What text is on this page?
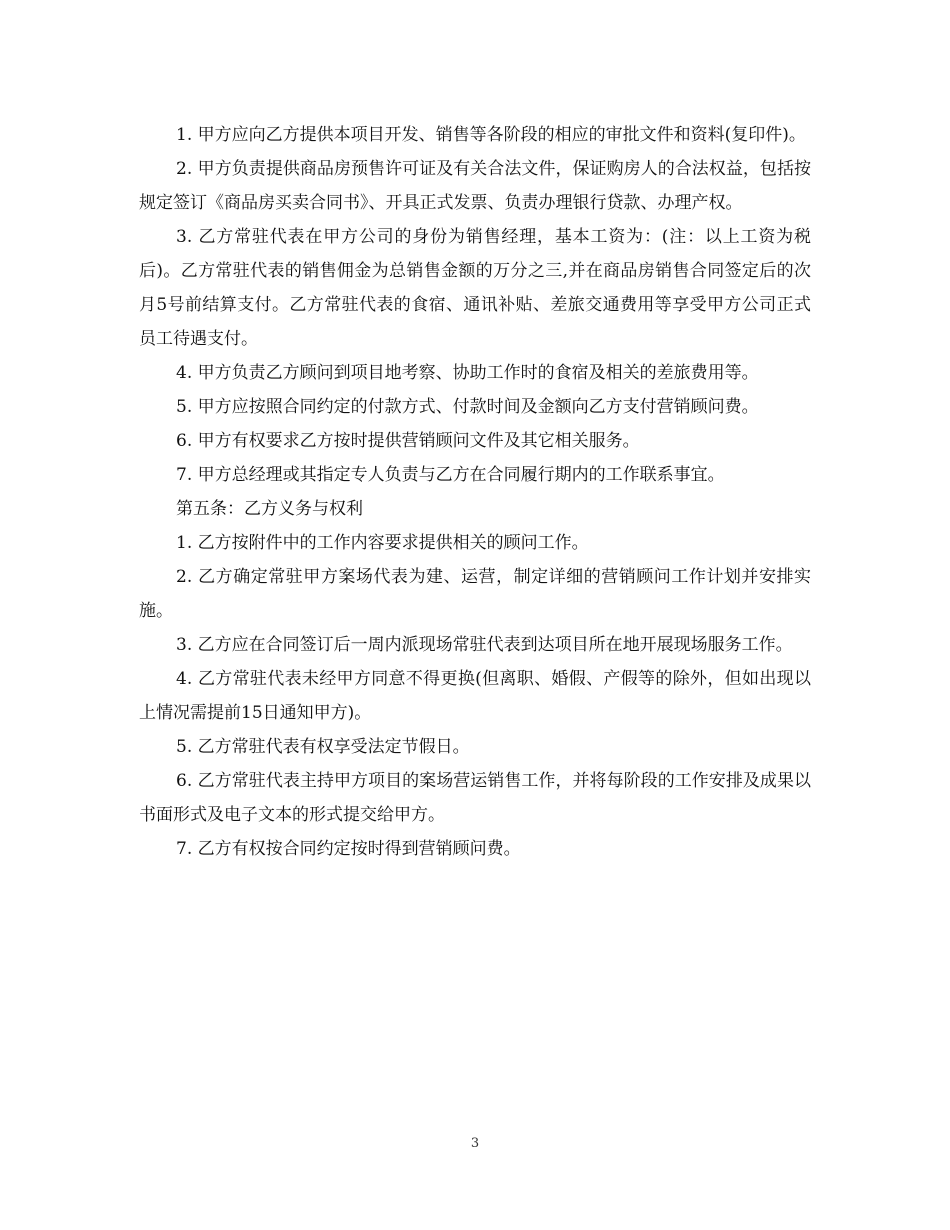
1. 甲方应向乙方提供本项目开发、销售等各阶段的相应的审批文件和资料(复印件)。

2. 甲方负责提供商品房预售许可证及有关合法文件，保证购房人的合法权益，包括按规定签订《商品房买卖合同书》、开具正式发票、负责办理银行贷款、办理产权。

3. 乙方常驻代表在甲方公司的身份为销售经理，基本工资为：(注：以上工资为税后)。乙方常驻代表的销售佣金为总销售金额的万分之三,并在商品房销售合同签定后的次月5号前结算支付。乙方常驻代表的食宿、通讯补贴、差旅交通费用等享受甲方公司正式员工待遇支付。

4. 甲方负责乙方顾问到项目地考察、协助工作时的食宿及相关的差旅费用等。

5. 甲方应按照合同约定的付款方式、付款时间及金额向乙方支付营销顾问费。

6. 甲方有权要求乙方按时提供营销顾问文件及其它相关服务。

7. 甲方总经理或其指定专人负责与乙方在合同履行期内的工作联系事宜。

第五条：乙方义务与权利

1. 乙方按附件中的工作内容要求提供相关的顾问工作。

2. 乙方确定常驻甲方案场代表为建、运营，制定详细的营销顾问工作计划并安排实施。

3. 乙方应在合同签订后一周内派现场常驻代表到达项目所在地开展现场服务工作。

4. 乙方常驻代表未经甲方同意不得更换(但离职、婚假、产假等的除外，但如出现以上情况需提前15日通知甲方)。

5. 乙方常驻代表有权享受法定节假日。

6. 乙方常驻代表主持甲方项目的案场营运销售工作，并将每阶段的工作安排及成果以书面形式及电子文本的形式提交给甲方。

7. 乙方有权按合同约定按时得到营销顾问费。

3
